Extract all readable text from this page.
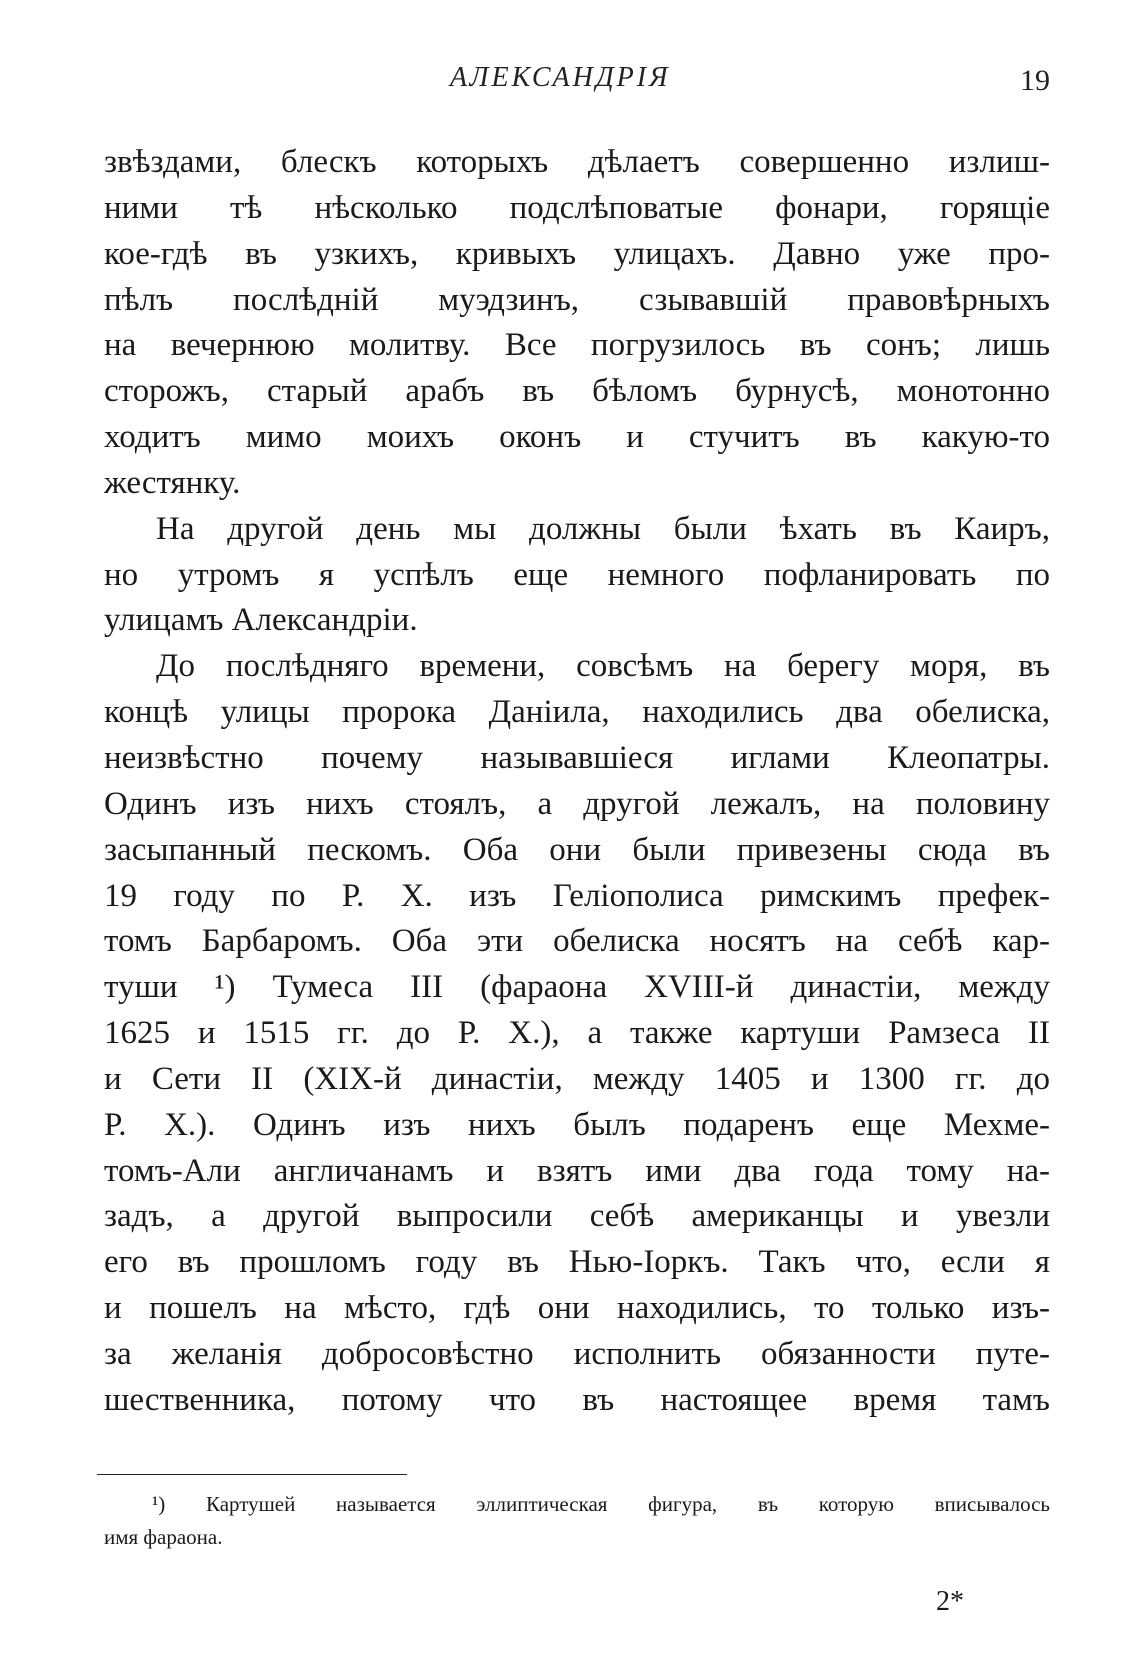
АЛЕКСАНДРІЯ	19
звѣздами, блескъ которыхъ дѣлаетъ совершенно излиш-
ними тѣ нѣсколько подслѣповатые фонари, горящіе
кое-гдѣ въ узкихъ, кривыхъ улицахъ. Давно уже про-
пѣлъ послѣдній муэдзинъ, сзывавшій правовѣрныхъ
на вечернюю молитву. Все погрузилось въ сонъ; лишь
сторожъ, старый арабъ въ бѣломъ бурнусѣ, монотонно
ходитъ мимо моихъ оконъ и стучитъ въ какую-то
жестянку.
На другой день мы должны были ѣхать въ Каиръ,
но утромъ я успѣлъ еще немного пофланировать по
улицамъ Александріи.
До послѣдняго времени, совсѣмъ на берегу моря, въ
концѣ улицы пророка Даніила, находились два обелиска,
неизвѣстно почему называвшіеся иглами Клеопатры.
Одинъ изъ нихъ стоялъ, а другой лежалъ, на половину
засыпанный пескомъ. Оба они были привезены сюда въ
19 году по Р. Х. изъ Геліополиса римскимъ префек-
томъ Барбаромъ. Оба эти обелиска носятъ на себѣ кар-
туши ¹) Тумеса III (фараона XVIII-й династіи, между
1625 и 1515 гг. до Р. Х.), а также картуши Рамзеса II
и Сети II (XIX-й династіи, между 1405 и 1300 гг. до
Р. Х.). Одинъ изъ нихъ былъ подаренъ еще Мехме-
томъ-Али англичанамъ и взятъ ими два года тому на-
задъ, а другой выпросили себѣ американцы и увезли
его въ прошломъ году въ Нью-Іоркъ. Такъ что, если я
и пошелъ на мѣсто, гдѣ они находились, то только изъ-
за желанія добросовѣстно исполнить обязанности путе-
шественника, потому что въ настоящее время тамъ
¹) Картушей называется эллиптическая фигура, въ которую вписывалось
имя фараона.
2*
